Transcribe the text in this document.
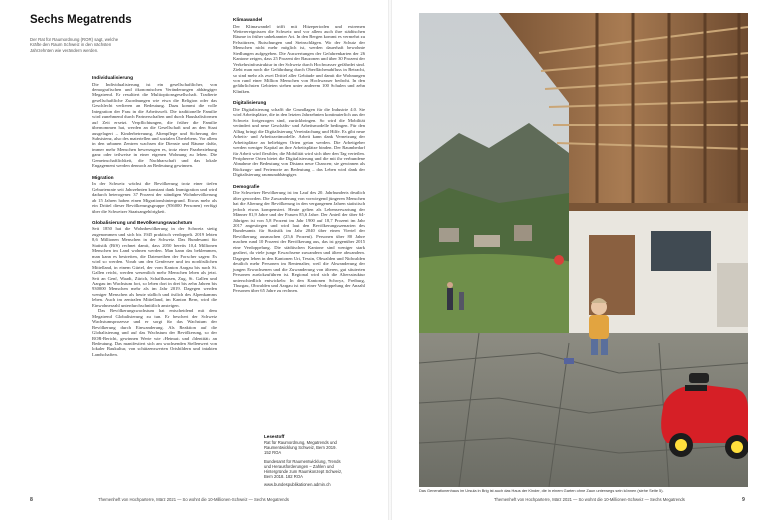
Sechs Megatrends

Der Rat für Raumordnung (ROR) sagt, welche Kräfte den Raum Schweiz in den nächsten Jahrzehnten wie verändern werden.

Individualisierung

Die Individualisierung ist ein gesellschaftlicher, von demografischen und ökonomischen Veränderungen abhängiger Megatrend. Er resultiert die Multioptionsgesellschaft. Tradierte gesellschaftliche Zuordnungen wie etwa die Religion oder das Geschlecht verlieren an Bedeutung. Dazu kommt die volle Integration der Frau in die Arbeitswelt. Die traditionelle Familie wird zunehmend durch Partnerschaften und durch Haushaltsformen auf Zeit ersetzt. Verpflichtungen, die früher die Familie übernommen hat, werden an die Gesellschaft und an den Staat ausgelagert – Kinderbetreuung, Altenpflege und Sicherung der Subsistenz, also des materiellen und sozialen Überlebens. Vor allem in den urbanen Zentren wachsen die Dienste und Räume dafür, immer mehr Menschen bewerzugen es, trotz einer Paarbeziehung ganz oder teilweise in einer eigenen Wohnung zu leben. Die Gemeinschaftlichkeit, die Nachbarschaft und das lokale Engagement werden dennoch an Bedeutung gewinnen.

Migration

In der Schweiz wächst die Bevölkerung trotz einer tiefen Geburtenrate seit Jahrzehnten konstant dank Immigration und wird dadurch heterogener. 37 Prozent der ständigen Wohnbevölkerung ab 15 Jahren haben einen Migrationshintergrund. Etwas mehr als ein Drittel dieser Bevölkerungsgruppe (956000 Personen) verfügt über die Schweizer Staatsangehörigkeit.

Globalisierung und Bevölkerungswachstum

Seit 1850 hat die Wohnbevölkerung in der Schweiz stetig zugenommen und sich bis 1945 praktisch verdoppelt. 2019 lebten 8,6 Millionen Menschen in der Schweiz. Das Bundesamt für Statistik (BfS) rechnet damit, dass 2050 bereits 10,4 Millionen Menschen im Land wohnen werden. Man kann das beklemmen, man kann es bestreiten, die Datenreihen der Forscher sagen: Es wird so werden. Vorab um den Genfersee und im nordöstlichen Mittelland, in einem Gürtel, der vom Kanton Aargau bis nach St. Gallen reicht, werden wesentlich mehr Menschen leben als jetzt. Seit an Genf, Waadt, Zürich, Schaffhausen, Zug, St. Gallen und Aargau im Wachstum fort, so leben dort in drei bis zehn Jahren bis 930000 Menschen mehr als im Jahr 2019. Dagegen werden weniger Menschen als heute südlich und östlich des Alpenkamms leben. Auch im zentralen Mittelland, im Kanton Bern, wird die Einwohnerzahl unterdurchschnittlich ansteigen.

Das Bevölkerungswachstum hat entscheidend mit dem Megatrend Globalisierung zu tun. Er beschert der Schweiz Wachstumsprozesse und er sorgt für das Wachstum der Bevölkerung durch Einwanderung. Als Reaktion auf die Globalisierung und auf das Wachstum der Bevölkerung, so der ROR-Bericht, gewinnen Werte wie ‹Heimat› und ‹Identität› an Bedeutung. Das manifestiert sich am wachsenden Stellenwert von lokaler Baukultur, von schützenswerten Ortsbildern und intakten Landschaften.

Klimawandel

Der Klimawandel trifft mit Hitzeperioden und extremen Wetterereignissen die Schweiz und vor allem auch ihre städtischen Räume in früher unbekannter Art. In den Bergen kommt es vermehrt zu Felsstürzen, Rutschungen und Steinschlägen. Wo der Schutz der Menschen nicht mehr möglich ist, werden dauerhaft bewohnte Siedlungen aufgegeben. Die Auswertungen der Gefahrenkarten der 26 Kantone zeigen, dass 25 Prozent der Bauzonen und über 30 Prozent der Verkehrsinfrastruktur in der Schweiz durch Hochwasser gefährdet sind. Zieht man noch die Gefährdung durch Oberflächenabfluss in Betracht, so sind mehr als zwei Drittel aller Gebäude und damit die Wohnungen von rund einer Million Menschen von Hochwasser bedroht. In den gefährlichsten Gebieten stehen unter anderem 100 Schulen und zehn Kliniken.

Digitalisierung

Die Digitalisierung schafft die Grundlagen für die Industrie 4.0. Sie wird Arbeitsplätze, die in den letzten Jahrzehnten kontinuierlich aus der Schweiz fortgezogen sind, zurückbringen. So wird die Mobilität verändert und neue Geschäfts- und Arbeitsmodelle bedingen. Für den Alltag bringt die Digitalisierung Vereinfachung und Hilfe. Es gibt neue Arbeits- und Arbeitszeitmodelle. Arbeit kann dank Vernetzung der Arbeitsplätze an beliebigen Orten getan werden. Die Arbeitgeber werden weniger Kapital an ihre Arbeitsplätze binden. Der Raumbedarf für Arbeit wird flexibler, die Mobilität wird sich über den Tag verteilen. Peripherere Orten bietet die Digitalisierung und die mit ihr verbundene Abnahme der Bedeutung von Distanz neue Chancen; sie gewinnen als Rückzugs- und Ferienorte an Bedeutung – das Leben wird dank der Digitalisierung raumunabhängiger.

Demografie

Die Schweizer Bevölkerung ist im Lauf des 20. Jahrhunderts deutlich älter geworden. Die Zuwanderung von vorwiegend jüngeren Menschen hat die Alterung der Bevölkerung in den vergangenen Jahren statistisch jedoch etwas kompensiert. Heute gelten als Lebenserwartung der Männer 81,9 Jahre und der Frauen 85,6 Jahre. Der Anteil der über 64-Jährigen ist von 5,8 Prozent im Jahr 1900 auf 18,7 Prozent im Jahr 2017 angestiegen und wird laut den Bevölkerungsszenarien des Bundesamts für Statistik im Jahr 2040 über einen Viertel der Bevölkerung ausmachen (25,6 Prozent). Personen über 80 Jahre machen rund 10 Prozent der Bevölkerung aus, das ist gegenüber 2015 eine Verdoppelung. Die städtischen Kantone sind weniger stark gealtert, da viele junge Erwachsene zuwandern und ältere abwandern. Dagegen leben in den Kantonen Uri, Tessin, Obwalden und Nidwalden deutlich mehr Personen im Rentenalter, weil die Abwanderung der jungen Erwachsenen und die Zuwanderung von älteren, gut situierten Personen zurückzuführen ist. Regional wird sich die Altersstruktur unterschiedlich entwickeln: In den Kantonen Schwyz, Freiburg, Thurgau, Obwalden und Aargau ist mit einer Verdoppelung der Anzahl Personen über 65 Jahre zu rechnen.

Lesestoff

Rat für Raumordnung, Megatrends und Raumentwicklung Schweiz, Bern 2019. 152 ROA

Bundesamt für Raumentwicklung, Trends und Herausforderungen – Zahlen und Hintergründe zum Raumkonzept Schweiz, Bern 2018. 182 ROA

www.bundespublikationen.admin.ch
8	Themenheft von Hochparterre, März 2021 — So wohnt die 10-Millionen-Schweiz — Sechs Megatrends
Das Generationenhaus im Ursula in Brig ist auch das Haus der Kinder, die in einem Garten ohne Zaun unterwegs sein können (siehe Seite 5).
Themenheft von Hochparterre, März 2021 — So wohnt die 10-Millionen-Schweiz — Sechs Megatrends	9
